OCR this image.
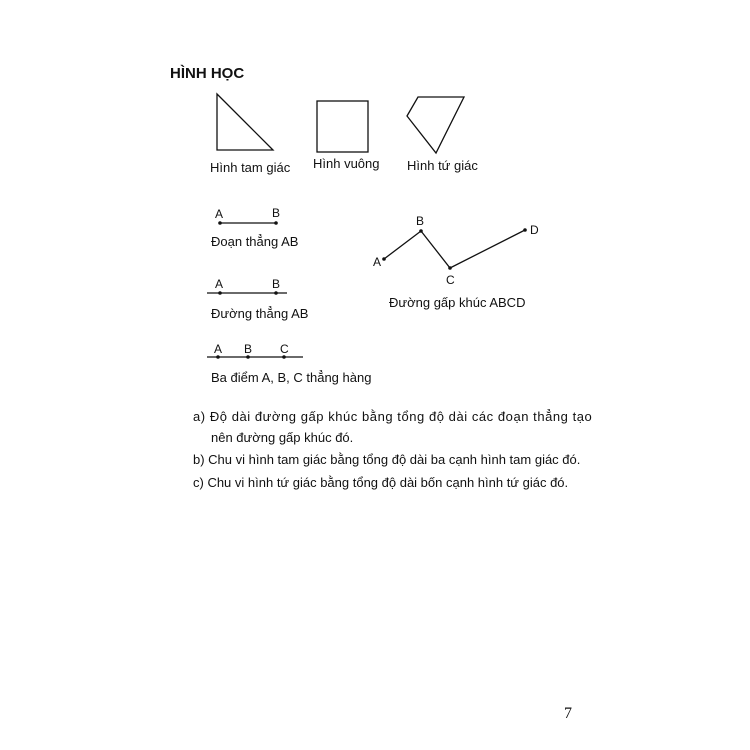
HÌNH HỌC
Hình tam giác Hình vuông Hình tứ giác
A	B
Đoạn thẳng AB
A	B
Đường thẳng AB
A B C
Ba điểm A, B, C thẳng hàng
A
B
C
D
Đường gấp khúc ABCD
a) Độ dài đường gấp khúc bằng tổng độ dài các đoạn thẳng tạo
nên đường gấp khúc đó.
b) Chu vi hình tam giác bằng tổng độ dài ba cạnh hình tam giác đó.
c) Chu vi hình tứ giác bằng tổng độ dài bốn cạnh hình tứ giác đó.
7
